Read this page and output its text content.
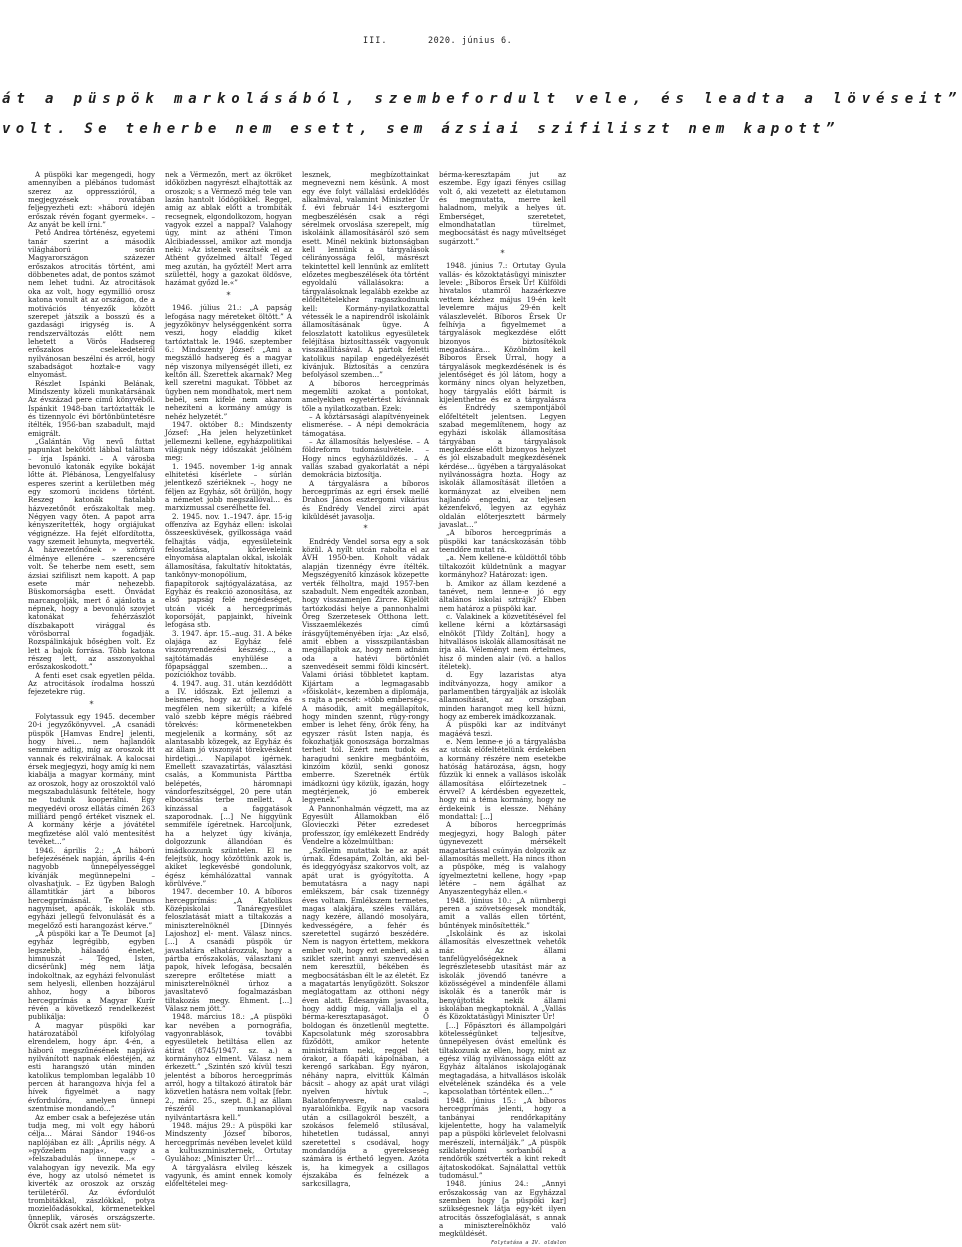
III.	2020. június 6.
át a püspök markolásából, szembefordult vele, és leadta a lövéseit”
volt. Se teherbe nem esett, sem ázsiai szifiliszt nem kapott”

A püspöki kar megengedi, hogy amennyiben a plébános tudomást szerez az oppresszióról, a megjegyzések rovatában feljegyezheti ezt: »háború idején erőszak révén fogant gyermek«. – Az anyát be kell írni.”

Pető Andrea történész, egyetemi tanár szerint a második világháború során Magyarországon százezer erőszakos atrocitás történt, ami döbbenetes adat, de pontos számot nem lehet tudni. Az atrocitások oka az volt, hogy egymillió orosz katona vonult át az országon, de a motivációs tényezők között szerepet játszik a bosszú és a gazdasági irigység is. A rendszerváltozás előtt nem lehetett a Vörös Hadsereg erőszakos cselekedeteiről nyilvánosan beszélni és arról, hogy szabadságot hoztak-e vagy elnyomást.

Részlet Ispánki Belának, Mindszenty közeli munkatársának Az évszázad pere című könyvéből. Ispánkit 1948-ban tartóztatták le és tizennyolc évi börtönbüntetésre ítélték, 1956-ban szabadult, majd emigrált.

„Galántán Vig nevű futtat papunkat bekötött lábbal találtam – írja Ispánki. – A városba bevonuló katonák egyike bokáját lőtte át. Plébánosa, Lengyelfalusy esperes szerint a kerületben még egy szomorú incidens történt. Reszeg katonák fiatalabb házvezetőnőt erőszakoltak meg. Négyen vagy öten. A papot arra kényszerítették, hogy orgiájukat végignézze. Ha fejét elfordította, vagy szemeit lehunyta, megverték. A házvezetőnőnek » szörnyű élménye ellenére – szerencsére volt. Se teherbe nem esett, sem ázsiai szifiliszt nem kapott. A pap esete már nehezebb. Büskomorságba esett. Önvádat marcangolják, mert ő ajánlotta a népnek, hogy a bevonuló szovjet katonákat fehérzászlót díszbakapott virággal és vörösborral fogadják. Rozspálinkájuk bőségben volt. Ez lett a bajok forrása. Több katona részeg lett, az asszonyokhal erőszakoskodott.”

A fenti eset csak egyetlen példa. Az atrocitások írodalma hosszú fejezetekre rúg.

*

Folytassuk egy 1945. december 20-i jegyzőkönyvvel. „A csanádi püspök [Hamvas Endre] jelenti, hogy hívei… nem hajlandók semmire adtig, míg az oroszok itt vannak és rekvirálnak. A kalocsai érsek megjegyzi, hogy amíg ki nem kiabálja a magyar kormány, mint az oroszok, hogy az oroszoktól való megszabadulásunk feltétele, hogy ne tudunk kooperálni. Egy megyedévi orosz ellátás címén 263 milliárd pengő értéket visznek el. A kormány kérje a jóvátétel megfizetése alól való mentesítést tevéket…”

1946. április 2.: „A háború befejezésének napján, április 4-én nagyobb ünnepélyességgel kívánják megünnepelni – olvashatjuk. – Ez ügyben Balogh államtitkár járt a bíboros hercegprímásnál. Te Deumos nagymiset, apácák, iskolák stb. egyházi jellegű felvonulását és a megelőző esti harangozást kérve.”

„A püspöki kar a Te Deumot [a] egyház legrégibb, egyben legszebb, hálaadó éneket, himnuszát – Téged, Isten, dicsérünk] még nem látja indokoltnak, az egyházi felvonulást sem helyesli, ellenben hozzájárul ahhoz, hogy a bíboros hercegprímás a Magyar Kurír révén a következő rendelkezést publikálja:

A magyar püspöki kar határozatából kifolyólag elrendelem, hogy ápr. 4-én, a háború megszűnésének napjává nyilvánított napnak előestéjén, az esti harangszó után minden katolikus templomban legalább 10 percen át harangozva hívja fel a hívek figyelmét a nagy évfordulóra, amelyen ünnepi szentmise mondandó…”

Az ember csak a befejezése után tudja meg, mi volt egy háború célja… Márai Sándor 1946-os naplójában ez áll: „Április négy. A »győzelem napja«, vagy a »felszabadulás ünnepe…« – valahogyan így nevezik. Ma egy éve, hogy az utolsó németet is kiverték az oroszok az ország területéről. Az évfordulót trombitákkal, zászlókkal, potya mozielőadásokkal, körmenetekkel ünneplik, városés országszerte. Ökröt csak azért nem süt-

nek a Vérmezőn, mert az ökröket időközben nagyrészt elhajtották az oroszok; s a Vérmező még tele van lazán hantolt lődögökkel. Reggel, amig az ablak előtt a trombiták recsegnek, elgondolkozom, hogyan vagyok ezzel a nappal? Valahogy úgy, mint az athéni Timon Alcibiadesssel, amikor azt mondja neki: »Az istenek veszítsék el az Athént győzelmed által! Téged meg azután, ha győztél! Mert arra születtél, hogy a gazokat öldösve, hazámat győzd le.«”

*

1946. július 21.: „A papság lefogása nagy méreteket öltött.” A jegyzőkönyv helységgenként sorra veszi, hogy eladdig kiket tartóztattak le. 1946. szeptember 6.: Mindszenty József: „Ami a megszálló hadsereg és a magyar nép viszonya milyenségét illeti, ez keltőn áll. Szerettek akarnak? Meg kell szeretni magukat. Többet az ügyben nem mondhatok, mert nem bebél, sem kifelé nem akarom nehezíteni a kormány amúgy is nehéz helyzetét.”

1947. október 8.: Mindszenty József: „Ha jelen helyzetünket jellemezni kellene, egyházpolitikai világunk négy időszakát jelölném meg:

1. 1945. november 1-ig annak elhitetési kísérlete – súrlán jelentkező szériéknek –, hogy ne féljen az Egyház, sőt örüljön, hogy a németet jobb megszállóval… és marxizmussal cserélhette fel.

2. 1945. nov. 1.–1947. ápr. 15-ig offenzíva az Egyház ellen: iskolai összeesküvések, gyilkossága vaád felhajtás vádja, egyesületeink feloszlatása, körleveleink elnyomása alaptalan okkal, iskolák államosítása, fakultatív hitoktatás, tankönyv-monopólium, fiapapítorok sajtógyalázatása, az Egyház és reakció azonosítása, az első papság felé negédeséget, utcán vicék a hercegprímás koporsóját, papjainkt, híveink lefogása stb.

3. 1947. ápr. 15.–aug. 31. A béke olajága az Egyház felé viszonyrendezési készség…, a sajtótámadás enyhülése a főpapsággal szemben… a pozíciókhoz tovább.

4. 1947. aug. 31. után kezdődött a IV. időszak. Ezt jellemzi a beismerés, hogy az offenzíva és megfélen nem sikerült; a kifelé való szebb képre mégis ráébred törekvés: körmenetekben megjelenik a kormány, sőt az alantasabb közegek, az Egyház és az állam jó viszonyát törekvésként hirdetigi… Napilapot igérnek. Emellett szavazatirtás, választási csalás, a Kommunista Párttba belépetés, háromnapi vándorfeszítséggel, 20 pere után elbocsátás terbe mellett. A kínzással a faggatások szaporodnak. […] Ne higgyünk semmiféle ígéretnek. Harcoljunk, ha a helyzet úgy kívánja, dolgozzunk állandóan és imádkozzunk szüntelen. El ne felejtsük, hogy közöttünk azok is, akiket legkevésbé gondolunk, égész kémhálózattal vannak körülvéve.”

1947. december 10. A bíboros hercegprímás: „A Katolikus Középiskolai Tanáregyesület feloszlatását miatt a tiltakozás a miniszterelnöknél [Dinnyés Lajoshoz] el- ment. Válasz nincs. […] A csanádi püspök úr javaslatára elhatározzuk, hogy a pártba erőszakolás, választani a papok, hívek lefogása, becsalén szerepre erőltetése miatt a miniszterelnöknél úrhoz a javasltatevő fogalmazásban tiltakozás megy. Ehment. […] Válasz nem jött.”

1948. március 18.: „A püspöki kar nevében a pornográfia, vagyonrablások, további egyesületek betiltása ellen az átírat (8745/1947. sz. a.) a kormányhoz elment. Válasz nem érkezett.” „Szintén szó kívül teszi jelentést a bíboros hercegprímás arról, hogy a tiltakozó átiratok bár közvetlen hatásra nem voltak [febr. 2., márc. 25., szept. 8.] az állam részéről munkanaplóval nyilvántartásra kell.”

1948. május 29.: A püspöki kar Mindszenty József bíboros, hercegprímás nevében levelet küld a kultuszminiszternek, Ortutay Gyulához: „Miniszter Úr!…

A tárgyalásra elvileg készek vagyunk, és amint ennek komoly előfeltételei meg-

lesznek, megbízottainkat megnevezni nem késünk. A most egy éve folyt vállalási erdeklődés alkalmával, valamint Miniszter Úr f. évi február 14-i esztergomi megbeszélésén csak a régi sérelmek orvoslása szerepelt, míg iskoláink államosításáról szó sem esett. Minél nekünk biztonságban kell lennünk a tárgyalások célirányossága felől, másrészt tekintettel kell lennünk az említett előzetes megbeszélések óta történt egyoldalú vállalásokra: a tárgyalásoknak legalább ezekbe az előfeltételekhez ragaszkodnunk kell: Kormány-nyilatkozattal vétessék le a napirendről iskoláink államosításának ügye. A feloszlatott katolikus egyesületek feléjítása biztosíttassék vagyonuk visszaállításával. A pártok feletti katolikus napilap engedélyezését kívánjuk. Biztosítás a cenzúra befolyásol szemben…”

A bíboros hercegprímás megemlíti azokat a pontokat, amelyekben egyetértést kívánnak tőle a nyilatkozatban. Ezek:

– A köztársasági alapítvényeinek elismerése. – A népi demokrácia támogatása.

– Az államosítás helyeslése. – A földreform tudomásulvétele. – Hogy nincs egyházüldözés. – A vallás szabad gyakorlatát a népi demokrácia biztosítja.

A tárgyalásra a bíboros hercegprímás az egri érsek mellé Drahos János esztergomi vikárius és Endrédy Vendel zirci apát kiküldését javasolja.

*

Endrédy Vendel sorsa egy a sok közül. A nyílt utcán rabolta el az ÁVH 1950-ben. Koholt vádak alapján tizennégy évre ítélték. Megszégyenítő kínzások közepette verték félholtra, majd 1957-ben szabadult. Nem engedték azonban, hogy visszamenjen Zircre. Kijelölt tartózkodási helye a pannonhalmi Öreg Szerzetesek Otthona lett. Visszaemlékezés című írásgyűjteményében írja: „Az első, amit ebben a vissszpilantásban megállapítok az, hogy nem adnám oda a hatévi börtönlét szenvedéseit semmi földi kincsért. Valami óriási többletet kaptam. Kijártam a legmagasabb »főiskolát«, kezemben a diplomája, s rajta a pecsét: »több emberség«. A második, amit megállapítok, hogy minden szennt, rügy-rongy ember is lehet fény, őrök fény, ha egyszer rásüt Isten napja, és fokozhatják gonoszsága borzalmas terheit tól. Ezért nem tudok és haragudni senkire megbántóim, kinzóim közül, senki gonosz emberre. Szeretnék értük imádkozni úgy közük, ígazán, hogy megtérjenek, jó emberek legyenek.”

A Pannonhalmán végzett, ma az Egyesült Államokban élő Glovieczki Péter ezredeset professzor, így emlékezett Endrédy Vendelre a közelmúltban:

„Szőleim mutattak be az apát úrnak. Édesapám, Zoltán, aki bel- és ideggyógyász szakorvos volt, az apát urat is gyógyította. A bemutatásra a nagy napi emlékszem, bár csak tizennégy éves voltam. Emlékszem termetes, magas alakjára, széles vállára, nagy kezére, állandó mosolyára, kedvességére, a fehér és szeretettel sugárzó beszédére. Nem is nagyon értettem, mekkora ember volt, hogy ezt emberi, aki a sziklet szerint annyi szenvedésen nem keresztül, békében és megbocsátásban élt le az életét. Ez a magatartás lenyűgözött. Sokszor meglátogattam az otthoni négy éven alatt. Édesanyám javasolta, hogy addig míg, vállalja el a bérma-keresztapaságot. Ö boldogan és önzetlenül megtette. Kapcsolatunk még szorosabbra fűződött, amikor hetente ministráltam neki, reggel hét órakor, a főapáti kápolnában, a kerengő sarkában. Egy nyáron, néhány napra, elvittük Kálmán bácsit – ahogy az apát urat világi nyelven hívtuk –, Balatonfenyvesre, a csaladi nyaralóinkba. Egyik nap vacsora után a csillagokról beszélt, a szokásos felemelő stílusával, hihetetlen tudással, annyi szeretettel s csodával, hogy mondandója a gyerekseség számára is érthető legyen. Azóta is, ha kimegyek a csillagos éjszakába és felnézek a sarkcsillagra,

bérma-keresztapám jut az eszembe. Egy igazi fényes csillag volt ő, aki vezetett az életutamon és megmutatta, merre kell haladnom, melyik a helyes út. Emberséget, szeretetet, elmondhatatlan türelmet, megbocsátást és nagy műveltséget sugárzott.”

*

1948. június 7.: Ortutay Gyula vallás- és közoktatásügyi miniszter levele: „Bíboros Érsek Úr! Külföldi hivatalos utamról hazaérkezve vettem kézhez május 19-én kelt levelemre május 29-én kelt válaszlevelét. Bíboros Érsek Úr felhívja a figyelmemet a tárgyalások megkezdése előtt bizonyos biztosítékok megadására… Közölnöm kell Bíboros Érsek Úrral, hogy a tárgyalások megkezdésének is és jelentőséget és jól látom, hogy a kormány nincs olyan helyzetben, hogy tárgyalás előtt bármit is kijelenthetne és ez a tárgyalásra és Endrédy szempontjából előfeltételt jelentsen. Legyen szabad megemlítenem, hogy az egyházi iskolák államosítása tárgyában a tárgyalások megkezdése előtt bizonyos helyzet és jól elszabadult megkezdésének kérdése… ügyében a tárgyalásokat nyilvánosságra hozta. Hogy az iskolák államosítását illetően a kormányzat az elveiben nem hajlandó engedni, az teljesen kézenfekvő, legyen az egyház oldalán előterjesztett bármely javaslat…”

„A bíboros hercegprímás a püspöki kar tanácskozásán több teendőre mutat rá.

„a. Nem kellene-e küldöttől több tiltakozóit küldetnünk a magyar kormányhoz? Határozat: igen.

b. Amikor az állam kezdené a tanévet, nem lenne-e jó egy általános iskolai sztrájk? Ebben nem határoz a püspöki kar.

c. Valakinek a közvetítésével fel kellene kérni a köztársasági elnököt [Tildy Zoltán], hogy a hitvallásos iskolák államosítását ne írja alá. Véleményt nem értelmes, hisz ő minden alair (vö. a hallos ítéletek).

d. Egy lazaristas atya indítványozza, hogy amikor a parlamentben tárgyalják az iskolák államosítását, az országban minden harangot meg kell húzni, hogy az emberek imádkozzanak.

A püspöki kar az indítványt magáévá teszi.

e. Nem lenne-e jó a tárgyalásba az utcák előfeltételünk érdekében a kormány részére nem esetekbe hatóság határozása, ágsn, hogy fűzzük ki ennek a vallásos iskolák államosítása előírtezetnek – érvvel? A kérdésben egyezettek, hogy mi a téma kormány, hogy ne érdekeink is elessze. Néhány mondattal: [...]

A bíboros hercegprímás megjegyzi, hogy Balogh páter úgynevezett mérsékelt magatartással csúnyán dolgozik az államosítás mellett. Ha nincs ithon a püspöke, még is valahogy ígyelmeztetni kellene, hogy »pap létére – nem ágálhat az Anyaszentegyház ellen.«

1948. június 10.: „A nürnbergi peren a szövetségesek mondták, amit a vallás ellen történt, bűntények minősítették.”

„Iskoláink és az iskolai államosítás elveszettnek vehetők már. Az állami tanfelügyelőségeknek a legrészletesebb utasítást már az iskolák jövendő tanévre a közösségével a mindenféle állami iskolák és a tanerők már is benyújtották nekik állami iskolában megkaptoknál. A „Vallás és Közoktatásügyi Miniszter Úr!

[…] Főpásztori és állampolgári kötelességünket teljesítve, ünnepélyesen óvást emelünk és tiltakozunk az ellen, hogy, mint az egész világ nyilvánossága előtt az Egyház általános iskolajogának megtagadása, a hitvallásos iskolák elvételének szándéka és a vele kapcsolatban történtek ellen…”

1948. június 15.: „A bíboros hercegprímás jelenti, hogy a tanbányai rendőrkapitány kijelentette, hogy ha valamelyik pap a püspöki körlevelet felolvasni merészelí, internálják.” „A püspök sziklateplomi sorbanból a rendőrök szétverték a kint rekedt ájtatoskodókat. Sajnálattal vettük tudomásul.”

1948. június 24.: „Annyi erőszakosság van az Egyházzal szemben hogy [a püspöki kar] szükségesnek látja egy-két ilyen atrocitás összefoglalását, s annak a miniszterelnökhöz való megküldését.

Folytatása a IV. oldalon
